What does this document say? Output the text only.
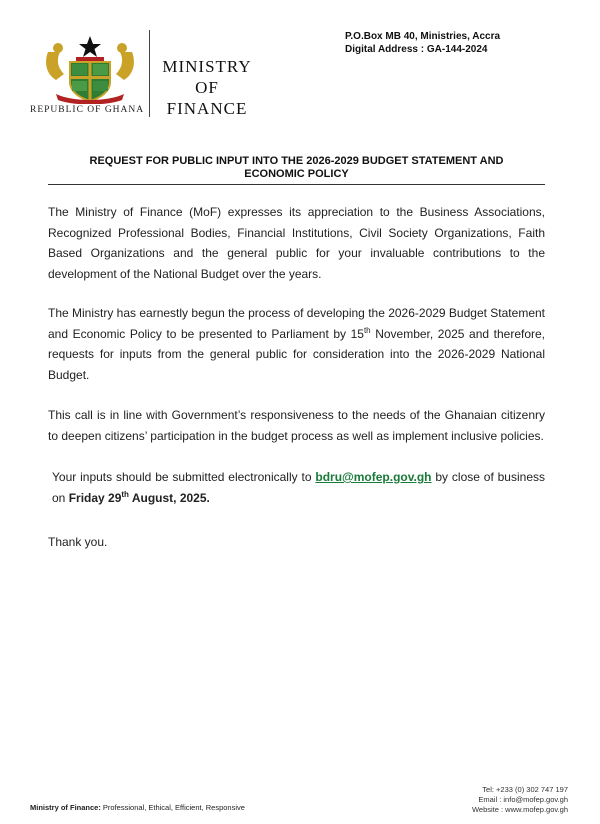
REPUBLIC OF GHANA
MINISTRY
OF
FINANCE
P.O.Box MB 40, Ministries, Accra
Digital Address : GA-144-2024
REQUEST FOR PUBLIC INPUT INTO THE 2026-2029 BUDGET STATEMENT AND
ECONOMIC POLICY

The Ministry of Finance (MoF) expresses its appreciation to the Business Associations, Recognized Professional Bodies, Financial Institutions, Civil Society Organizations, Faith Based Organizations and the general public for your invaluable contributions to the development of the National Budget over the years.

The Ministry has earnestly begun the process of developing the 2026-2029 Budget Statement and Economic Policy to be presented to Parliament by 15th November, 2025 and therefore, requests for inputs from the general public for consideration into the 2026-2029 National Budget.

This call is in line with Government’s responsiveness to the needs of the Ghanaian citizenry to deepen citizens’ participation in the budget process as well as implement inclusive policies.

Your inputs should be submitted electronically to bdru@mofep.gov.gh by close of business on Friday 29th August, 2025.

Thank you.

Ministry of Finance: Professional, Ethical, Efficient, Responsive
Tel: +233 (0) 302 747 197
Email : info@mofep.gov.gh
Website : www.mofep.gov.gh
